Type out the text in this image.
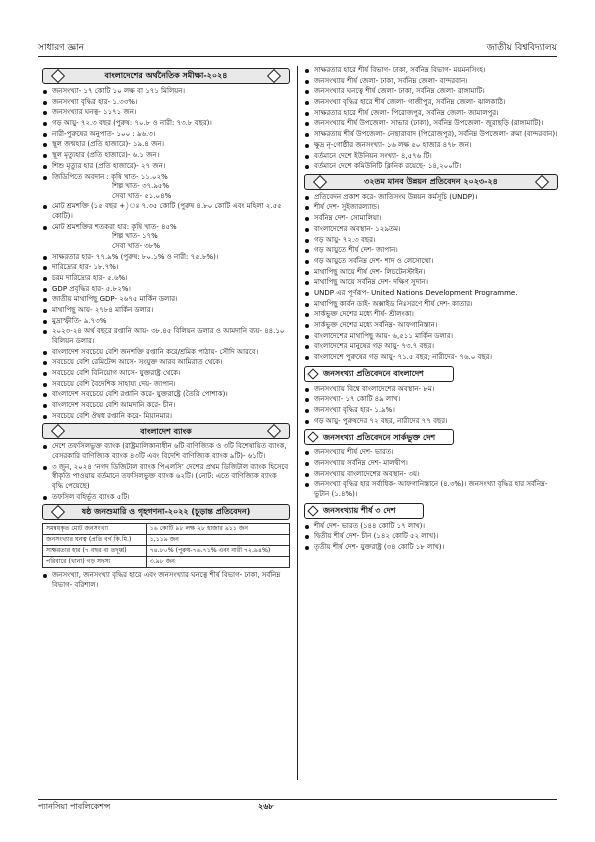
সাধারণ জ্ঞান	জাতীয় বিশ্ববিদ্যালয়
বাংলাদেশের অর্থনৈতিক সমীক্ষা-২০২৪
জনসংখ্যা- ১৭ কোটি ১০ লক্ষ বা ১৭১ মিলিয়ন।
জনসংখ্যা বৃদ্ধির হার- ১.৩৩%।
জনসংখ্যার ঘনত্ব- ১১৭১ জন।
গড় আয়ু- ৭২.৩ বছর (পুরুষ: ৭০.৮ ও নারী: ৭৩.৮ বছর)।
নারী-পুরুষের অনুপাত- ১০০ : ৯৬.৩।
স্থূল জন্মহার (প্রতি হাজারে)- ১৯.৪ জন।
স্থূল মৃত্যুহার (প্রতি হাজারে)- ৬.১ জন।
শিশু মৃত্যুর হার (প্রতি হাজারে)- ২৭ জন।
জিডিপিতে অবদান : কৃষি খাত- ১১.০২%
শিল্প খাত- ৩৭.৯৫%
সেবা খাত- ৫১.০৪%
মোট শ্রমশক্তি (১৫ বছর +)ঃ ৭.৩৫ কোটি (পুরুষ ৪.৮০ কোটি এবং মহিলা ২.৫৫ কোটি)।
মোট শ্রমশক্তির শতকরা হার: কৃষি খাত- ৪৫%
শিল্প খাত- ১৭%
সেবা খাত- ৩৮%
সাক্ষরতার হার- ৭৭.৯% (পুরুষ: ৮০.১% ও নারী: ৭৫.৮%)।
দারিদ্র্যের হার- ১৮.৭%।
চরম দারিদ্র্যের হার- ৫.৬%।
GDP প্রবৃদ্ধির হার- ৫.৮২%।
জাতীয় মাথাপিছু GDP- ২৬৭৫ মার্কিন ডলার।
মাথাপিছু আয়- ২৭৮৪ মার্কিন ডলার।
মুদ্রাস্ফীতি- ৯.৭৩%
২০২৩-২৪ অর্থ বছরে রপ্তানি আয়- ৩৮.৪৫ বিলিয়ন ডলার ও আমদানি ব্যয়- ৪৪.১০ বিলিয়ন ডলার।
বাংলাদেশ সবচেয়ে বেশি জনশক্তি রপ্তানি করে/শ্রমিক পাঠায়- সৌদি আরবে।
সবচেয়ে বেশি রেমিটেন্স আসে- সংযুক্ত আরব আমিরাত থেকে।
সবচেয়ে বেশি বিনিয়োগ আসে- যুক্তরাষ্ট্র থেকে।
সবচেয়ে বেশি বৈদেশিক সাহায্য দেয়- জাপান।
বাংলাদেশ সবচেয়ে বেশি রপ্তানি করে- যুক্তরাষ্ট্রে (তৈরি পোশাক)।
বাংলাদেশ সবচেয়ে বেশি আমদানি করে- চীন।
সবচেয়ে বেশি ঔষধ রপ্তানি করে- মিয়ানমার।
বাংলাদেশ ব্যাংক
দেশে তফসিলভুক্ত ব্যাংক (রাষ্ট্রমালিকানাধীন ৬টি বাণিজ্যিক ও ৩টি বিশেষায়িত ব্যাংক, বেসরকারি বাণিজ্যিক ব্যাংক ৪৩টি এবং বিদেশি বাণিজ্যিক ব্যাংক ৯টি)- ৬১টি।
৩ জুন, ২০২৪ ‘নগদ ডিজিটাল ব্যাংক পিএলসি’ দেশের প্রথম ডিজিটাল ব্যাংক হিসেবে স্বীকৃতি পাওয়ায় বর্তমানে তফসিলভুক্ত ব্যাংক ৬২টি। (নোট: এতে বাণিজ্যিক ব্যাংক বৃদ্ধি পেয়েছে)
তফসিল বহির্ভূত ব্যাংক ৫টি।
ষষ্ঠ জনশুমারি ও গৃহগণনা-২০২২ (চূড়ান্ত প্রতিবেদন)
সমন্বয়কৃত মোট জনসংখ্যা	১৬ কোটি ৯৮ লক্ষ ২৮ হাজার ৯১১ জন
জনসংখ্যার ঘনত্ব (প্রতি বর্গ কি.মি.)	১,১১৯ জন
সাক্ষরতার হার (৭ বছর বা তদূর্ধ্ব)	৭৪.৮০% (পুরুষ-৭৬.৭১% এবং নারী ৭২.৯৪%)
পরিবারে (খানা) গড় সদস্য	৩.৯৮ জন
জনসংখ্যা, জনসংখ্যা বৃদ্ধির হারে এবং জনসংখ্যার ঘনত্বে শীর্ষ বিভাগ- ঢাকা, সর্বনিম্ন বিভাগ- বরিশাল।
সাক্ষরতার হারে শীর্ষ বিভাগ- ঢাকা, সর্বনিম্ন বিভাগ- ময়মনসিংহ।
জনসংখ্যায় শীর্ষ জেলা- ঢাকা, সর্বনিম্ন জেলা- বান্দরবান।
জনসংখ্যার ঘনত্বে শীর্ষ জেলা- ঢাকা, সর্বনিম্ন জেলা- রাঙ্গামাটি।
জনসংখ্যা বৃদ্ধির হারে শীর্ষ জেলা- গাজীপুর, সর্বনিম্ন জেলা- ঝালকাঠি।
সাক্ষরতার হারে শীর্ষ জেলা- পিরোজপুর, সর্বনিম্ন জেলা- জামালপুর।
জনসংখ্যায় শীর্ষ উপজেলা- সাভার (ঢাকা), সর্বনিম্ন উপজেলা- জুরাছড়ি (রাঙ্গামাটি)।
সাক্ষরতায় শীর্ষ উপজেলা- নেছারাবাদ (পিরোজপুর), সর্বনিম্ন উপজেলা- রুমা (বান্দরবান)।
ক্ষুদ্র নৃ-গোষ্ঠীর জনসংখ্যা- ১৬ লক্ষ ৫০ হাজার ৪৭৮ জন।
বর্তমানে দেশে ইউনিয়ন সংখ্যা- ৪,৫৭৬ টি।
বর্তমানে দেশে কমিউনিটি ক্লিনিক রয়েছে- ১৪,২০০টি।
৩২তম মানব উন্নয়ন প্রতিবেদন ২০২৩-২৪
প্রতিবেদন প্রকাশ করে- জাতিসংঘ উন্নয়ন কর্মসূচি (UNDP)।
শীর্ষ দেশ- সুইজারল্যান্ড।
সর্বনিম্ন দেশ- সোমালিয়া।
বাংলাদেশের অবস্থান- ১২৯তম।
গড় আয়ু- ৭২.৩ বছর।
গড় আয়ুতে শীর্ষ দেশ- জাপান।
গড় আয়ুতে সর্বনিম্ন দেশ- শাদ ও লেসোথো।
মাথাপিছু আয়ে শীর্ষ দেশ- লিচটেনস্টাইন।
মাথাপিছু আয়ে সর্বনিম্ন দেশ- দক্ষিণ সুদান।
UNDP এর পূর্ণরূপ- United Nations Development Programme.
মাথাপিছু কার্বন ডাই- অক্সাইড নিঃসরণে শীর্ষ দেশ- কাতার।
সার্কভুক্ত দেশের মধ্যে শীর্ষ- শ্রীলংকা।
সার্কভুক্ত দেশের মধ্যে সর্বনিম্ন- আফগানিস্তান।
বাংলাদেশের মাথাপিছু আয়- ৬,৫১১ মার্কিন ডলার।
বাংলাদেশের মানুষের গড় আয়ু- ৭৩.৭ বছর।
বাংলাদেশে পুরুষের গড় আয়ু- ৭১.৫ বছর; নারীদের- ৭৬.০ বছর।
জনসংখ্যা প্রতিবেদনে বাংলাদেশ
জনসংখ্যায় বিশ্বে বাংলাদেশের অবস্থান- ৮ম।
জনসংখ্যা- ১৭ কোটি ৪৯ লাখ।
জনসংখ্যা বৃদ্ধির হার- ১.৯%।
গড় আয়ু- পুরুষদের ৭২ বছর, নারীদের ৭৭ বছর।
জনসংখ্যা প্রতিবেদনে সার্কভুক্ত দেশ
জনসংখ্যায় শীর্ষ দেশ- ভারত।
জনসংখ্যায় সর্বনিম্ন দেশ- মালদ্বীপ।
জনসংখ্যায় বাংলাদেশের অবস্থান- ৩য়।
জনসংখ্যা বৃদ্ধির হার সর্বাধিক- আফগানিস্তানে (৪.৩%)। জনসংখ্যা বৃদ্ধির হার সর্বনিম্ন- ভুটান (১.৪%)।
জনসংখ্যায় শীর্ষ ৩ দেশ
শীর্ষ দেশ- ভারত (১৪৪ কোটি ১৭ লাখ)।
দ্বিতীয় শীর্ষ দেশ- চীন (১৪২ কোটি ৫২ লাখ)।
তৃতীয় শীর্ষ দেশ- যুক্তরাষ্ট্র (৩৪ কোটি ১৮ লাখ)।
প্যানসিয়া পাবলিকেশন্স	২৬৮
